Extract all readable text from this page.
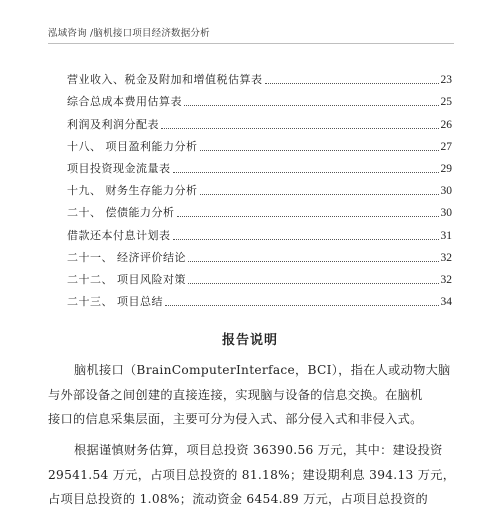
泓域咨询 /脑机接口项目经济数据分析
营业收入、税金及附加和增值税估算表	23
综合总成本费用估算表	25
利润及利润分配表	26
十八、 项目盈利能力分析	27
项目投资现金流量表	29
十九、 财务生存能力分析	30
二十、 偿债能力分析	30
借款还本付息计划表	31
二十一、 经济评价结论	32
二十二、 项目风险对策	32
二十三、 项目总结	34
报告说明
脑机接口（BrainComputerInterface，BCI），指在人或动物大脑
与外部设备之间创建的直接连接，实现脑与设备的信息交换。在脑机
接口的信息采集层面，主要可分为侵入式、部分侵入式和非侵入式。
根据谨慎财务估算，项目总投资 36390.56 万元，其中：建设投资
29541.54 万元，占项目总投资的 81.18%；建设期利息 394.13 万元，
占项目总投资的 1.08%；流动资金 6454.89 万元，占项目总投资的
